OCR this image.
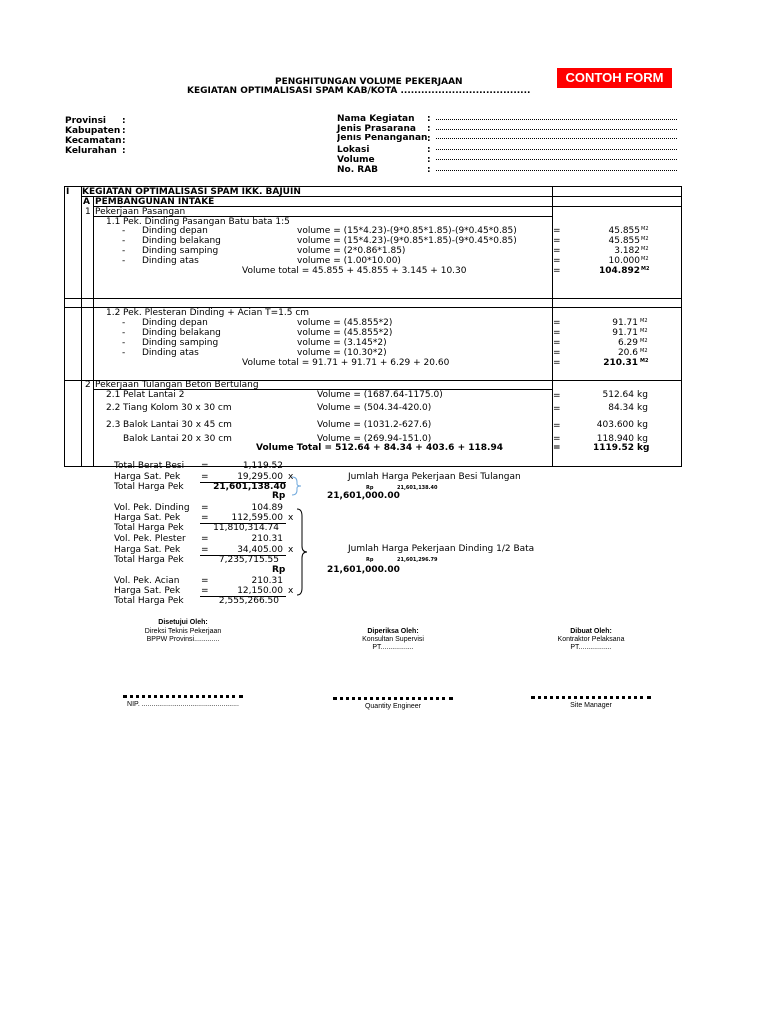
CONTOH FORM
PENGHITUNGAN VOLUME PEKERJAAN
KEGIATAN OPTIMALISASI SPAM KAB/KOTA ......................................
Provinsi :
Kabupaten :
Kecamatan :
Kelurahan :
Nama Kegiatan :
Jenis Prasarana :
Jenis Penanganan :
Lokasi	:
Volume	:
No. RAB	:
I KEGIATAN OPTIMALISASI SPAM IKK. BAJUIN
A PEMBANGUNAN INTAKE
1 Pekerjaan Pasangan
1.1 Pek. Dinding Pasangan Batu bata 1:5
- Dinding depan	volume = (15*4.23)-(9*0.85*1.85)-(9*0.45*0.85)	=	45.855 M2
- Dinding belakang	volume = (15*4.23)-(9*0.85*1.85)-(9*0.45*0.85)	=	45.855 M2
- Dinding samping	volume = (2*0.86*1.85)	=	3.182 M2
- Dinding atas	volume = (1.00*10.00)	=	10.000 M2
Volume total = 45.855 + 45.855 + 3.145 + 10.30	=	104.892 M2
1.2 Pek. Plesteran Dinding + Acian T=1.5 cm
- Dinding depan	volume = (45.855*2)	=	91.71 M2
- Dinding belakang	volume = (45.855*2)	=	91.71 M2
- Dinding samping	volume = (3.145*2)	=	6.29 M2
- Dinding atas	volume = (10.30*2)	=	20.6 M2
Volume total = 91.71 + 91.71 + 6.29 + 20.60	=	210.31 M2
2 Pekerjaan Tulangan Beton Bertulang
2.1 Pelat Lantai 2	Volume = (1687.64-1175.0)	=	512.64 kg
2.2 Tiang Kolom 30 x 30 cm	Volume = (504.34-420.0)	=	84.34 kg
2.3 Balok Lantai 30 x 45 cm	Volume = (1031.2-627.6)	=	403.600 kg
Balok Lantai 20 x 30 cm	Volume = (269.94-151.0)	=	118.940 kg
Volume Total = 512.64 + 84.34 + 403.6 + 118.94	=	1119.52 kg
Total Berat Besi =	1,119.52
Harga Sat. Pek =	19,295.00 x
Total Harga Pek	21,601,138.40
Jumlah Harga Pekerjaan Besi Tulangan
Rp	21,601,138.40
Rp	21,601,000.00
Vol. Pek. Dinding =	104.89
Harga Sat. Pek =	112,595.00 x
Total Harga Pek	11,810,314.74
Vol. Pek. Plester =	210.31
Harga Sat. Pek =	34,405.00 x
Total Harga Pek	7,235,715.55
Jumlah Harga Pekerjaan Dinding 1/2 Bata
Rp	21,601,296.79
Rp	21,601,000.00
Vol. Pek. Acian =	210.31
Harga Sat. Pek =	12,150.00 x
Total Harga Pek	2,555,266.50
Disetujui Oleh:
Direksi Teknis Pekerjaan
BPPW Provinsi.............
Diperiksa Oleh:
Konsultan Supervisi
PT.................
Dibuat Oleh:
Kontraktor Pelaksana
PT.................
NIP. ..................................................	Quantity Engineer	Site Manager
